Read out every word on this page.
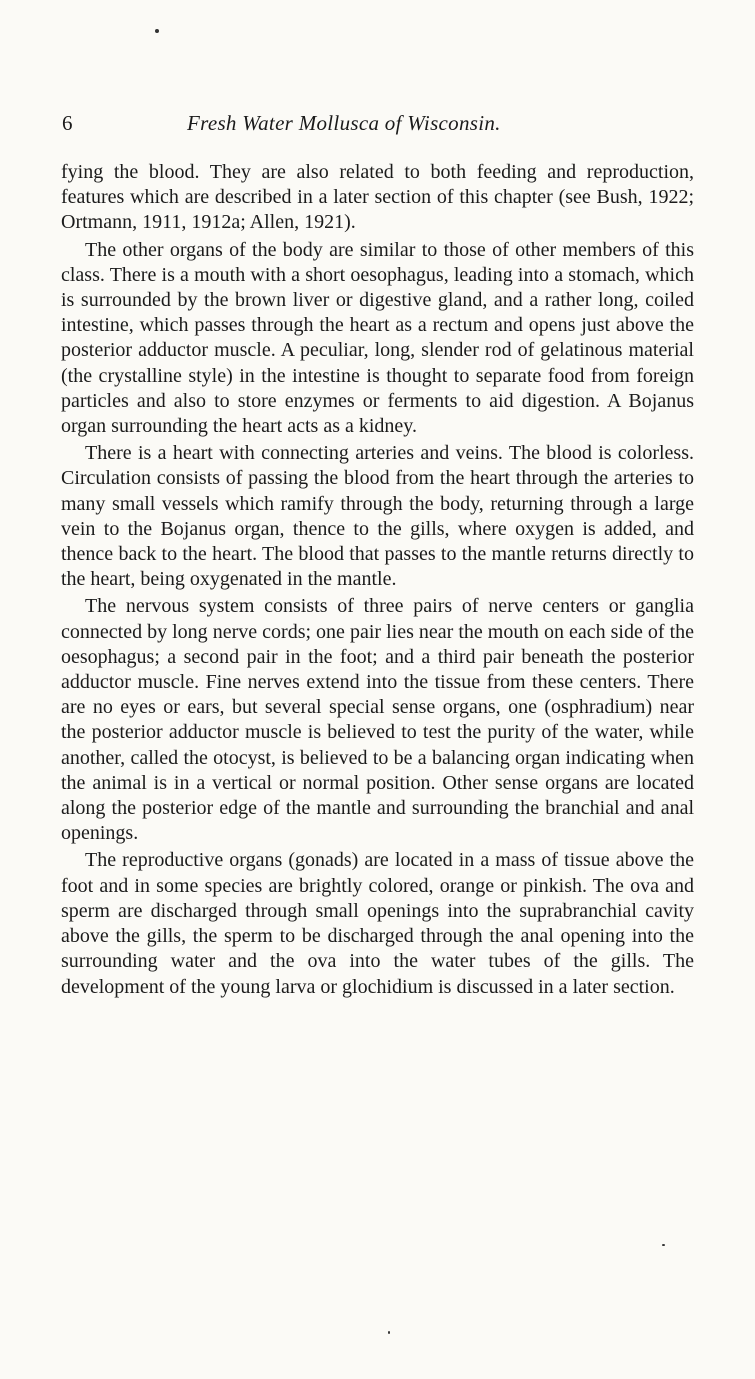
6	Fresh Water Mollusca of Wisconsin.

fying the blood. They are also related to both feeding and reproduction, features which are described in a later section of this chapter (see Bush, 1922; Ortmann, 1911, 1912a; Allen, 1921).

The other organs of the body are similar to those of other members of this class. There is a mouth with a short oesophagus, leading into a stomach, which is surrounded by the brown liver or digestive gland, and a rather long, coiled intestine, which passes through the heart as a rectum and opens just above the posterior adductor muscle. A peculiar, long, slender rod of gelatinous material (the crystalline style) in the intestine is thought to separate food from foreign particles and also to store enzymes or ferments to aid digestion. A Bojanus organ surrounding the heart acts as a kidney.

There is a heart with connecting arteries and veins. The blood is colorless. Circulation consists of passing the blood from the heart through the arteries to many small vessels which ramify through the body, returning through a large vein to the Bojanus organ, thence to the gills, where oxygen is added, and thence back to the heart. The blood that passes to the mantle returns directly to the heart, being oxygenated in the mantle.

The nervous system consists of three pairs of nerve centers or ganglia connected by long nerve cords; one pair lies near the mouth on each side of the oesophagus; a second pair in the foot; and a third pair beneath the posterior adductor muscle. Fine nerves extend into the tissue from these centers. There are no eyes or ears, but several special sense organs, one (osphradium) near the posterior adductor muscle is believed to test the purity of the water, while another, called the otocyst, is believed to be a balancing organ indicating when the animal is in a vertical or normal position. Other sense organs are located along the posterior edge of the mantle and surrounding the branchial and anal openings.

The reproductive organs (gonads) are located in a mass of tissue above the foot and in some species are brightly colored, orange or pinkish. The ova and sperm are discharged through small openings into the suprabranchial cavity above the gills, the sperm to be discharged through the anal opening into the surrounding water and the ova into the water tubes of the gills. The development of the young larva or glochidium is discussed in a later section.
